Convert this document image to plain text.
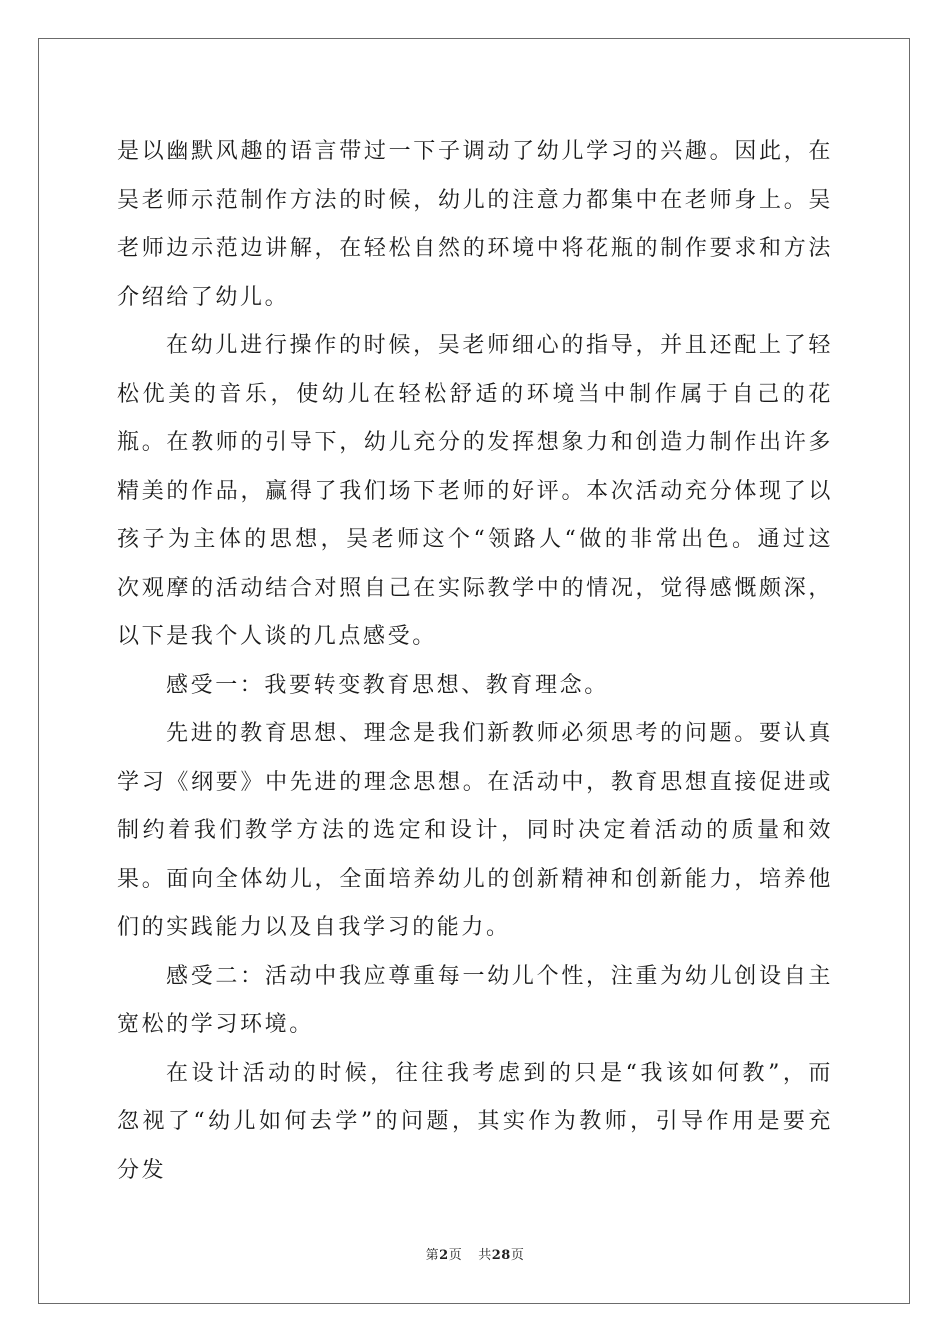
是以幽默风趣的语言带过一下子调动了幼儿学习的兴趣。因此，在吴老师示范制作方法的时候，幼儿的注意力都集中在老师身上。吴老师边示范边讲解，在轻松自然的环境中将花瓶的制作要求和方法介绍给了幼儿。

在幼儿进行操作的时候，吴老师细心的指导，并且还配上了轻松优美的音乐，使幼儿在轻松舒适的环境当中制作属于自己的花瓶。在教师的引导下，幼儿充分的发挥想象力和创造力制作出许多精美的作品，赢得了我们场下老师的好评。本次活动充分体现了以孩子为主体的思想，吴老师这个“领路人“做的非常出色。通过这次观摩的活动结合对照自己在实际教学中的情况，觉得感慨颇深，以下是我个人谈的几点感受。

感受一：我要转变教育思想、教育理念。

先进的教育思想、理念是我们新教师必须思考的问题。要认真学习《纲要》中先进的理念思想。在活动中，教育思想直接促进或制约着我们教学方法的选定和设计，同时决定着活动的质量和效果。面向全体幼儿，全面培养幼儿的创新精神和创新能力，培养他们的实践能力以及自我学习的能力。

感受二：活动中我应尊重每一幼儿个性，注重为幼儿创设自主宽松的学习环境。

在设计活动的时候，往往我考虑到的只是“我该如何教”，而忽视了“幼儿如何去学”的问题，其实作为教师，引导作用是要充分发

第2页 共28页
